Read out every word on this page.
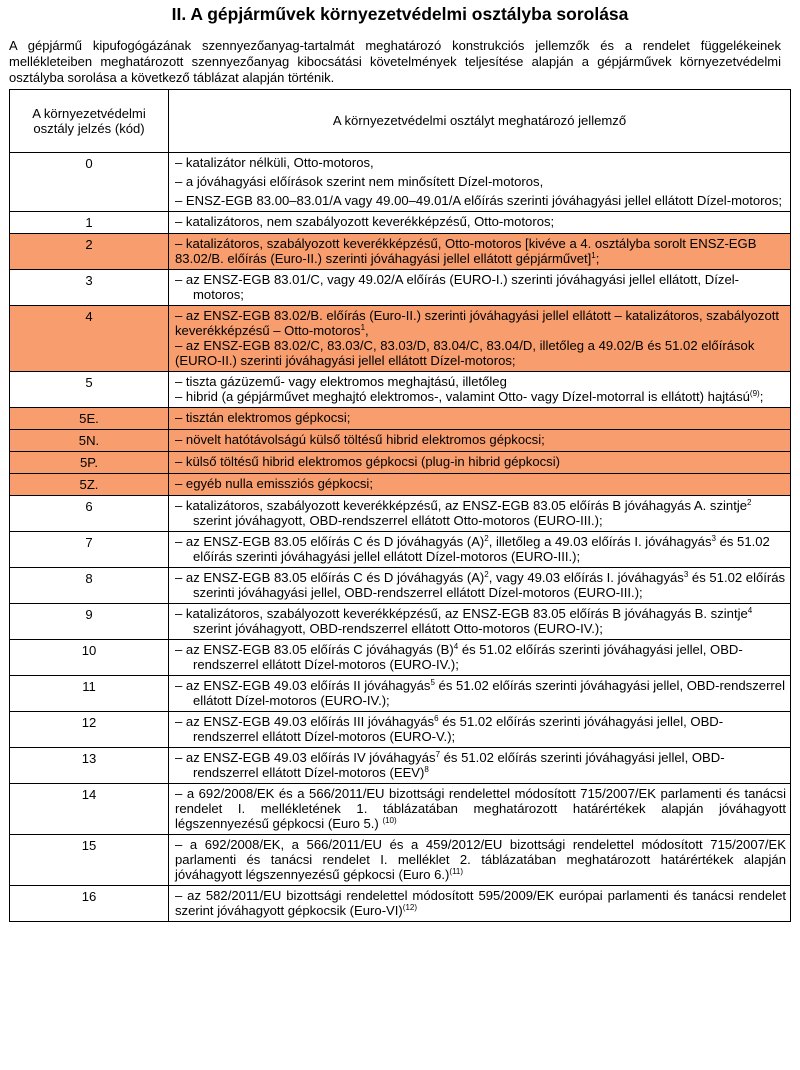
II. A gépjárművek környezetvédelmi osztályba sorolása
A gépjármű kipufogógázának szennyezőanyag-tartalmát meghatározó konstrukciós jellemzők és a rendelet függelékeinek mellékleteiben meghatározott szennyezőanyag kibocsátási követelmények teljesítése alapján a gépjárművek környezetvédelmi osztályba sorolása a következő táblázat alapján történik.
A környezetvédelmi osztály jelzés (kód)	A környezetvédelmi osztályt meghatározó jellemző
0	– katalizátor nélküli, Otto-motoros,

– a jóváhagyási előírások szerint nem minősített Dízel-motoros,

– ENSZ-EGB 83.00–83.01/A vagy 49.00–49.01/A előírás szerinti jóváhagyási jellel ellátott Dízel-motoros;

1	– katalizátoros, nem szabályozott keverékképzésű, Otto-motoros;

2	– katalizátoros, szabályozott keverékképzésű, Otto-motoros [kivéve a 4. osztályba sorolt ENSZ-EGB 83.02/B. előírás (Euro-II.) szerinti jóváhagyási jellel ellátott gépjárművet]$^1$;

3	– az ENSZ-EGB 83.01/C, vagy 49.02/A előírás (EURO-I.) szerinti jóváhagyási jellel ellátott, Dízel-motoros;

4	– az ENSZ-EGB 83.02/B. előírás (Euro-II.) szerinti jóváhagyási jellel ellátott – katalizátoros, szabályozott keverékképzésű – Otto-motoros$^1$,

– az ENSZ-EGB 83.02/C, 83.03/C, 83.03/D, 83.04/C, 83.04/D, illetőleg a 49.02/B és 51.02 előírások (EURO-II.) szerinti jóváhagyási jellel ellátott Dízel-motoros;

5	– tiszta gázüzemű- vagy elektromos meghajtású, illetőleg

– hibrid (a gépjárművet meghajtó elektromos-, valamint Otto- vagy Dízel-motorral is ellátott) hajtású$^{(9)}$;

5E.	– tisztán elektromos gépkocsi;

5N.	– növelt hatótávolságú külső töltésű hibrid elektromos gépkocsi;

5P.	– külső töltésű hibrid elektromos gépkocsi (plug-in hibrid gépkocsi)

5Z.	– egyéb nulla emissziós gépkocsi;

6	– katalizátoros, szabályozott keverékképzésű, az ENSZ-EGB 83.05 előírás B jóváhagyás A. szintje$^2$ szerint jóváhagyott, OBD-rendszerrel ellátott Otto-motoros (EURO-III.);

7	– az ENSZ-EGB 83.05 előírás C és D jóváhagyás $(A)^2$, illetőleg a 49.03 előírás I. jóváhagyás$^3$ és 51.02 előírás szerinti jóváhagyási jellel ellátott Dízel-motoros (EURO-III.);

8	– az ENSZ-EGB 83.05 előírás C és D jóváhagyás $(A)^2$, vagy 49.03 előírás I. jóváhagyás$^3$ és 51.02 előírás szerinti jóváhagyási jellel, OBD-rendszerrel ellátott Dízel-motoros (EURO-III.);

9	– katalizátoros, szabályozott keverékképzésű, az ENSZ-EGB 83.05 előírás B jóváhagyás B. szintje$^4$ szerint jóváhagyott, OBD-rendszerrel ellátott Otto-motoros (EURO-IV.);

10	– az ENSZ-EGB 83.05 előírás C jóváhagyás $(B)^4$ és 51.02 előírás szerinti jóváhagyási jellel, OBD-rendszerrel ellátott Dízel-motoros (EURO-IV.);

11	– az ENSZ-EGB 49.03 előírás II jóváhagyás$^5$ és 51.02 előírás szerinti jóváhagyási jellel, OBD-rendszerrel ellátott Dízel-motoros (EURO-IV.);

12	– az ENSZ-EGB 49.03 előírás III jóváhagyás$^6$ és 51.02 előírás szerinti jóváhagyási jellel, OBD-rendszerrel ellátott Dízel-motoros (EURO-V.);

13	– az ENSZ-EGB 49.03 előírás IV jóváhagyás$^7$ és 51.02 előírás szerinti jóváhagyási jellel, OBD-rendszerrel ellátott Dízel-motoros (EEV)$^8$

14	– a 692/2008/EK és a 566/2011/EU bizottsági rendelettel módosított 715/2007/EK parlamenti és tanácsi rendelet I. mellékletének 1. táblázatában meghatározott határértékek alapján jóváhagyott légszennyezésű gépkocsi (Euro 5.) $^{(10)}$

15	– a 692/2008/EK, a 566/2011/EU és a 459/2012/EU bizottsági rendelettel módosított 715/2007/EK parlamenti és tanácsi rendelet I. melléklet 2. táblázatában meghatározott határértékek alapján jóváhagyott légszennyezésű gépkocsi (Euro 6.)$^{(11)}$

16	– az 582/2011/EU bizottsági rendelettel módosított 595/2009/EK európai parlamenti és tanácsi rendelet szerint jóváhagyott gépkocsik (Euro-VI)$^{(12)}$
